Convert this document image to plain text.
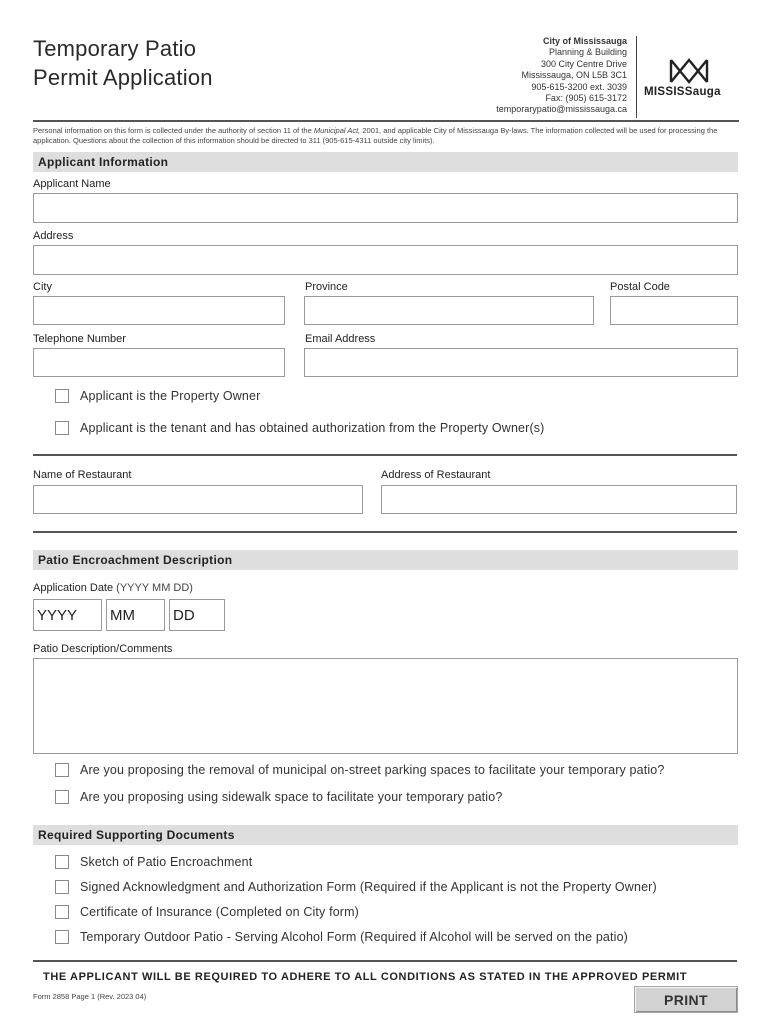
Temporary Patio
Permit Application
City of Mississauga
Planning & Building
300 City Centre Drive
Mississauga, ON L5B 3C1
905-615-3200 ext. 3039
Fax: (905) 615-3172
temporarypatio@mississauga.ca
MISSISSauga
Personal information on this form is collected under the authority of section 11 of the Municipal Act, 2001, and applicable City of Mississauga By-laws. The information collected will be used for processing the application. Questions about the collection of this information should be directed to 311 (905-615-4311 outside city limits).
Applicant Information
Applicant Name
Address
City	Province	Postal Code
Telephone Number	Email Address
Applicant is the Property Owner
Applicant is the tenant and has obtained authorization from the Property Owner(s)
Name of Restaurant	Address of Restaurant
Patio Encroachment Description
Application Date (YYYY MM DD)
YYYY	MM	DD
Patio Description/Comments
Are you proposing the removal of municipal on-street parking spaces to facilitate your temporary patio?
Are you proposing using sidewalk space to facilitate your temporary patio?
Required Supporting Documents
Sketch of Patio Encroachment
Signed Acknowledgment and Authorization Form (Required if the Applicant is not the Property Owner)
Certificate of Insurance (Completed on City form)
Temporary Outdoor Patio - Serving Alcohol Form (Required if Alcohol will be served on the patio)
THE APPLICANT WILL BE REQUIRED TO ADHERE TO ALL CONDITIONS AS STATED IN THE APPROVED PERMIT
Form 2858 Page 1 (Rev. 2023 04)	PRINT
